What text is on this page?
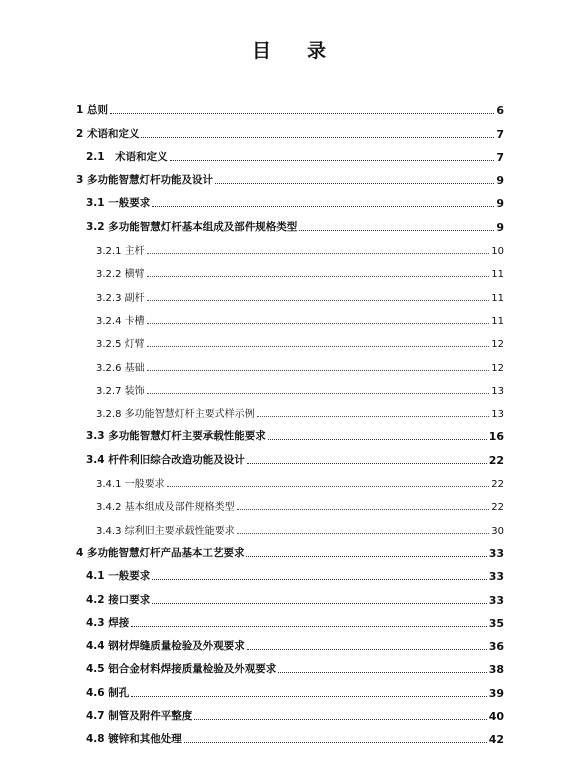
目 录
1 总则	6
2 术语和定义	7
2.1　术语和定义	7
3 多功能智慧灯杆功能及设计	9
3.1 一般要求	9
3.2 多功能智慧灯杆基本组成及部件规格类型	9
3.2.1 主杆	10
3.2.2 横臂	11
3.2.3 副杆	11
3.2.4 卡槽	11
3.2.5 灯臂	12
3.2.6 基础	12
3.2.7 装饰	13
3.2.8 多功能智慧灯杆主要式样示例	13
3.3 多功能智慧灯杆主要承载性能要求	16
3.4 杆件利旧综合改造功能及设计	22
3.4.1 一般要求	22
3.4.2 基本组成及部件规格类型	22
3.4.3 综利旧主要承载性能要求	30
4 多功能智慧灯杆产品基本工艺要求	33
4.1 一般要求	33
4.2 接口要求	33
4.3 焊接	35
4.4 钢材焊缝质量检验及外观要求	36
4.5 铝合金材料焊接质量检验及外观要求	38
4.6 制孔	39
4.7 制管及附件平整度	40
4.8 镀锌和其他处理	42
